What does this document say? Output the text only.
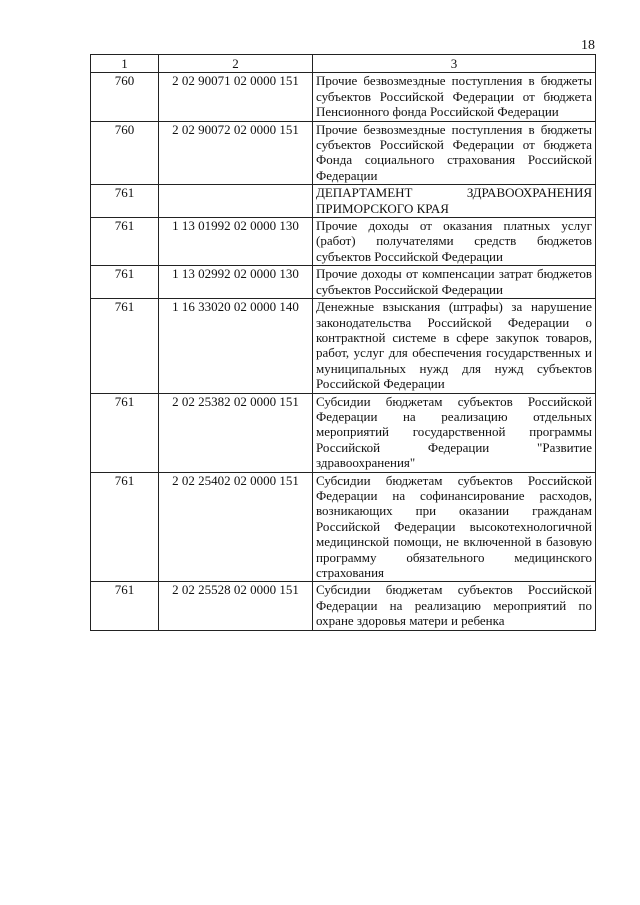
18
1	2	3
760	2 02 90071 02 0000 151	Прочие безвозмездные поступления в бюджеты субъектов Российской Федерации от бюджета Пенсионного фонда Российской Федерации
760	2 02 90072 02 0000 151	Прочие безвозмездные поступления в бюджеты субъектов Российской Федерации от бюджета Фонда социального страхования Российской Федерации
761		ДЕПАРТАМЕНТ ЗДРАВООХРАНЕНИЯ ПРИМОРСКОГО КРАЯ
761	1 13 01992 02 0000 130	Прочие доходы от оказания платных услуг (работ) получателями средств бюджетов субъектов Российской Федерации
761	1 13 02992 02 0000 130	Прочие доходы от компенсации затрат бюджетов субъектов Российской Федерации
761	1 16 33020 02 0000 140	Денежные взыскания (штрафы) за нарушение законодательства Российской Федерации о контрактной системе в сфере закупок товаров, работ, услуг для обеспечения государственных и муниципальных нужд для нужд субъектов Российской Федерации
761	2 02 25382 02 0000 151	Субсидии бюджетам субъектов Российской Федерации на реализацию отдельных мероприятий государственной программы Российской Федерации "Развитие здравоохранения"
761	2 02 25402 02 0000 151	Субсидии бюджетам субъектов Российской Федерации на софинансирование расходов, возникающих при оказании гражданам Российской Федерации высокотехнологичной медицинской помощи, не включенной в базовую программу обязательного медицинского страхования
761	2 02 25528 02 0000 151	Субсидии бюджетам субъектов Российской Федерации на реализацию мероприятий по охране здоровья матери и ребенка
